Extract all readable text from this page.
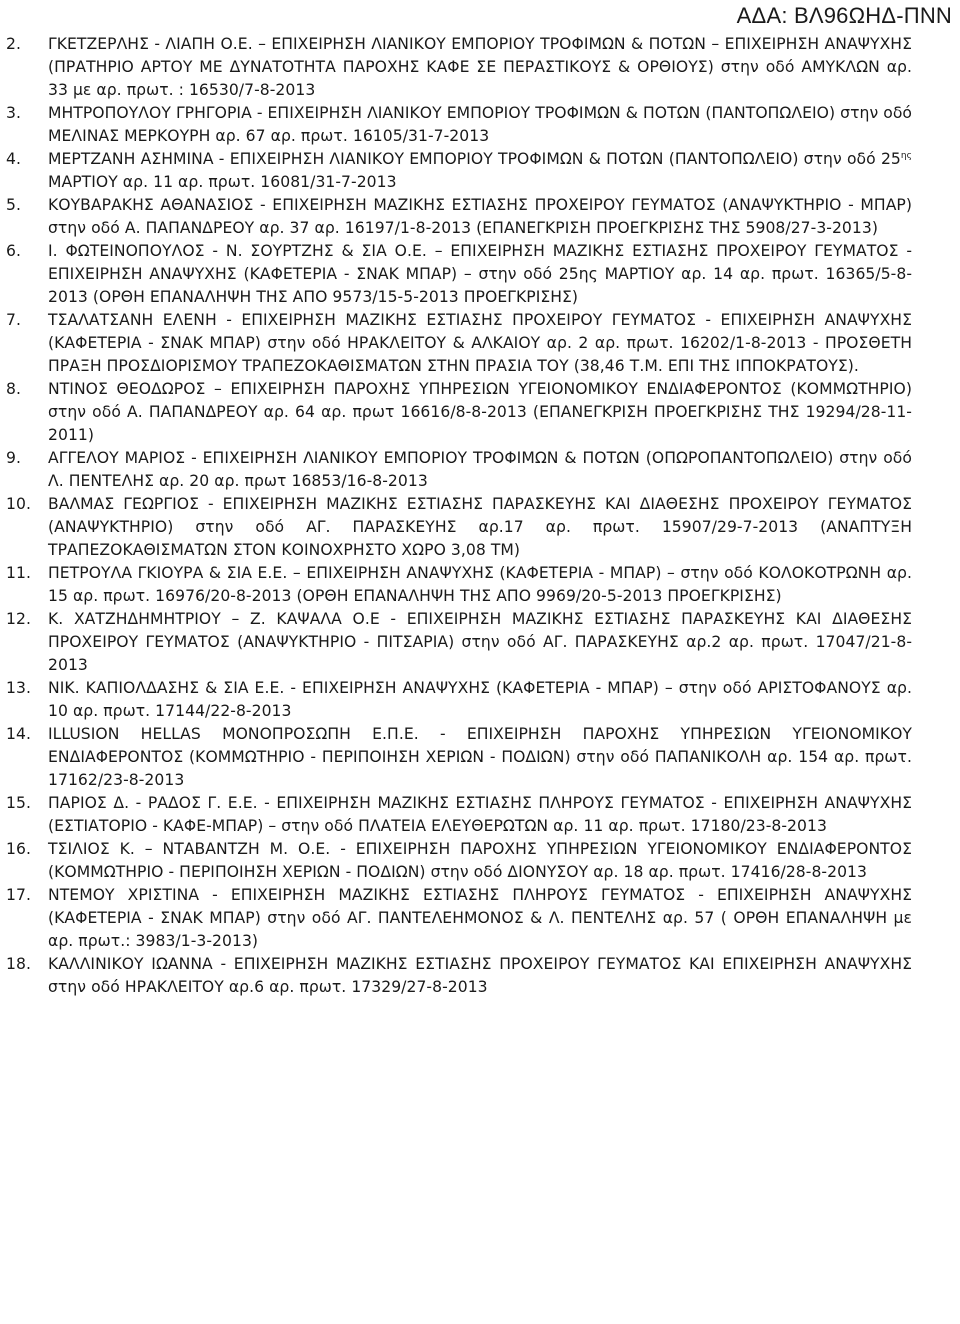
ΑΔΑ: ΒΛ96ΩΗΔ-ΠΝΝ
2.	ΓΚΕΤΖΕΡΛΗΣ - ΛΙΑΠΗ Ο.Ε. – ΕΠΙΧΕΙΡΗΣΗ ΛΙΑΝΙΚΟΥ ΕΜΠΟΡΙΟΥ ΤΡΟΦΙΜΩΝ & ΠΟΤΩΝ – ΕΠΙΧΕΙΡΗΣΗ ΑΝΑΨΥΧΗΣ (ΠΡΑΤΗΡΙΟ ΑΡΤΟΥ ΜΕ ΔΥΝΑΤΟΤΗΤΑ ΠΑΡΟΧΗΣ ΚΑΦΕ ΣΕ ΠΕΡΑΣΤΙΚΟΥΣ & ΟΡΘΙΟΥΣ) στην οδό ΑΜΥΚΛΩΝ αρ. 33 με αρ. πρωτ. : 16530/7-8-2013
3.	ΜΗΤΡΟΠΟΥΛΟΥ ΓΡΗΓΟΡΙΑ - ΕΠΙΧΕΙΡΗΣΗ ΛΙΑΝΙΚΟΥ ΕΜΠΟΡΙΟΥ ΤΡΟΦΙΜΩΝ & ΠΟΤΩΝ (ΠΑΝΤΟΠΩΛΕΙΟ) στην οδό ΜΕΛΙΝΑΣ ΜΕΡΚΟΥΡΗ αρ. 67 αρ. πρωτ. 16105/31-7-2013
4.	ΜΕΡΤΖΑΝΗ ΑΣΗΜΙΝΑ - ΕΠΙΧΕΙΡΗΣΗ ΛΙΑΝΙΚΟΥ ΕΜΠΟΡΙΟΥ ΤΡΟΦΙΜΩΝ & ΠΟΤΩΝ (ΠΑΝΤΟΠΩΛΕΙΟ) στην οδό $25^{\eta\varsigma}$ ΜΑΡΤΙΟΥ αρ. 11 αρ. πρωτ. 16081/31-7-2013
5.	ΚΟΥΒΑΡΑΚΗΣ ΑΘΑΝΑΣΙΟΣ - ΕΠΙΧΕΙΡΗΣΗ ΜΑΖΙΚΗΣ ΕΣΤΙΑΣΗΣ ΠΡΟΧΕΙΡΟΥ ΓΕΥΜΑΤΟΣ (ΑΝΑΨΥΚΤΗΡΙΟ - ΜΠΑΡ) στην οδό Α. ΠΑΠΑΝΔΡΕΟΥ αρ. 37 αρ. 16197/1-8-2013 (ΕΠΑΝΕΓΚΡΙΣΗ ΠΡΟΕΓΚΡΙΣΗΣ ΤΗΣ 5908/27-3-2013)
6.	Ι. ΦΩΤΕΙΝΟΠΟΥΛΟΣ - Ν. ΣΟΥΡΤΖΗΣ & ΣΙΑ Ο.Ε. – ΕΠΙΧΕΙΡΗΣΗ ΜΑΖΙΚΗΣ ΕΣΤΙΑΣΗΣ ΠΡΟΧΕΙΡΟΥ ΓΕΥΜΑΤΟΣ - ΕΠΙΧΕΙΡΗΣΗ ΑΝΑΨΥΧΗΣ (ΚΑΦΕΤΕΡΙΑ - ΣΝΑΚ ΜΠΑΡ) – στην οδό 25ης ΜΑΡΤΙΟΥ αρ. 14 αρ. πρωτ. 16365/5-8-2013 (ΟΡΘΗ ΕΠΑΝΑΛΗΨΗ ΤΗΣ ΑΠΟ 9573/15-5-2013 ΠΡΟΕΓΚΡΙΣΗΣ)
7.	ΤΣΑΛΑΤΣΑΝΗ ΕΛΕΝΗ - ΕΠΙΧΕΙΡΗΣΗ ΜΑΖΙΚΗΣ ΕΣΤΙΑΣΗΣ ΠΡΟΧΕΙΡΟΥ ΓΕΥΜΑΤΟΣ - ΕΠΙΧΕΙΡΗΣΗ ΑΝΑΨΥΧΗΣ (ΚΑΦΕΤΕΡΙΑ - ΣΝΑΚ ΜΠΑΡ) στην οδό ΗΡΑΚΛΕΙΤΟΥ & ΑΛΚΑΙΟΥ αρ. 2 αρ. πρωτ. 16202/1-8-2013 - ΠΡΟΣΘΕΤΗ ΠΡΑΞΗ ΠΡΟΣΔΙΟΡΙΣΜΟΥ ΤΡΑΠΕΖΟΚΑΘΙΣΜΑΤΩΝ ΣΤΗΝ ΠΡΑΣΙΑ ΤΟΥ (38,46 Τ.Μ. ΕΠΙ ΤΗΣ ΙΠΠΟΚΡΑΤΟΥΣ).
8.	ΝΤΙΝΟΣ ΘΕΟΔΩΡΟΣ – ΕΠΙΧΕΙΡΗΣΗ ΠΑΡΟΧΗΣ ΥΠΗΡΕΣΙΩΝ ΥΓΕΙΟΝΟΜΙΚΟΥ ΕΝΔΙΑΦΕΡΟΝΤΟΣ (ΚΟΜΜΩΤΗΡΙΟ) στην οδό Α. ΠΑΠΑΝΔΡΕΟΥ αρ. 64 αρ. πρωτ 16616/8-8-2013 (ΕΠΑΝΕΓΚΡΙΣΗ ΠΡΟΕΓΚΡΙΣΗΣ ΤΗΣ 19294/28-11-2011)
9.	ΑΓΓΕΛΟΥ ΜΑΡΙΟΣ - ΕΠΙΧΕΙΡΗΣΗ ΛΙΑΝΙΚΟΥ ΕΜΠΟΡΙΟΥ ΤΡΟΦΙΜΩΝ & ΠΟΤΩΝ (ΟΠΩΡΟΠΑΝΤΟΠΩΛΕΙΟ) στην οδό Λ. ΠΕΝΤΕΛΗΣ αρ. 20 αρ. πρωτ 16853/16-8-2013
10.	ΒΑΛΜΑΣ ΓΕΩΡΓΙΟΣ - ΕΠΙΧΕΙΡΗΣΗ ΜΑΖΙΚΗΣ ΕΣΤΙΑΣΗΣ ΠΑΡΑΣΚΕΥΗΣ ΚΑΙ ΔΙΑΘΕΣΗΣ ΠΡΟΧΕΙΡΟΥ ΓΕΥΜΑΤΟΣ (ΑΝΑΨΥΚΤΗΡΙΟ) στην οδό ΑΓ. ΠΑΡΑΣΚΕΥΗΣ αρ.17 αρ. πρωτ. 15907/29-7-2013 (ΑΝΑΠΤΥΞΗ ΤΡΑΠΕΖΟΚΑΘΙΣΜΑΤΩΝ ΣΤΟΝ ΚΟΙΝΟΧΡΗΣΤΟ ΧΩΡΟ 3,08 ΤΜ)
11.	ΠΕΤΡΟΥΛΑ ΓΚΙΟΥΡΑ & ΣΙΑ Ε.Ε. – ΕΠΙΧΕΙΡΗΣΗ ΑΝΑΨΥΧΗΣ (ΚΑΦΕΤΕΡΙΑ - ΜΠΑΡ) – στην οδό ΚΟΛΟΚΟΤΡΩΝΗ αρ. 15 αρ. πρωτ. 16976/20-8-2013 (ΟΡΘΗ ΕΠΑΝΑΛΗΨΗ ΤΗΣ ΑΠΟ 9969/20-5-2013 ΠΡΟΕΓΚΡΙΣΗΣ)
12.	Κ. ΧΑΤΖΗΔΗΜΗΤΡΙΟΥ – Ζ. ΚΑΨΑΛΑ Ο.Ε - ΕΠΙΧΕΙΡΗΣΗ ΜΑΖΙΚΗΣ ΕΣΤΙΑΣΗΣ ΠΑΡΑΣΚΕΥΗΣ ΚΑΙ ΔΙΑΘΕΣΗΣ ΠΡΟΧΕΙΡΟΥ ΓΕΥΜΑΤΟΣ (ΑΝΑΨΥΚΤΗΡΙΟ - ΠΙΤΣΑΡΙΑ) στην οδό ΑΓ. ΠΑΡΑΣΚΕΥΗΣ αρ.2 αρ. πρωτ. 17047/21-8-2013
13.	ΝΙΚ. ΚΑΠΙΟΛΔΑΣΗΣ & ΣΙΑ Ε.Ε. - ΕΠΙΧΕΙΡΗΣΗ ΑΝΑΨΥΧΗΣ (ΚΑΦΕΤΕΡΙΑ - ΜΠΑΡ) – στην οδό ΑΡΙΣΤΟΦΑΝΟΥΣ αρ. 10 αρ. πρωτ. 17144/22-8-2013
14.	ILLUSION HELLAS ΜΟΝΟΠΡΟΣΩΠΗ Ε.Π.Ε. - ΕΠΙΧΕΙΡΗΣΗ ΠΑΡΟΧΗΣ ΥΠΗΡΕΣΙΩΝ ΥΓΕΙΟΝΟΜΙΚΟΥ ΕΝΔΙΑΦΕΡΟΝΤΟΣ (ΚΟΜΜΩΤΗΡΙΟ - ΠΕΡΙΠΟΙΗΣΗ ΧΕΡΙΩΝ - ΠΟΔΙΩΝ) στην οδό ΠΑΠΑΝΙΚΟΛΗ αρ. 154 αρ. πρωτ. 17162/23-8-2013
15.	ΠΑΡΙΟΣ Δ. - ΡΑΔΟΣ Γ. Ε.Ε. - ΕΠΙΧΕΙΡΗΣΗ ΜΑΖΙΚΗΣ ΕΣΤΙΑΣΗΣ ΠΛΗΡΟΥΣ ΓΕΥΜΑΤΟΣ - ΕΠΙΧΕΙΡΗΣΗ ΑΝΑΨΥΧΗΣ (ΕΣΤΙΑΤΟΡΙΟ - ΚΑΦΕ-ΜΠΑΡ) – στην οδό ΠΛΑΤΕΙΑ ΕΛΕΥΘΕΡΩΤΩΝ αρ. 11 αρ. πρωτ. 17180/23-8-2013
16.	ΤΣΙΛΙΟΣ Κ. – ΝΤΑΒΑΝΤΖΗ Μ. Ο.Ε. - ΕΠΙΧΕΙΡΗΣΗ ΠΑΡΟΧΗΣ ΥΠΗΡΕΣΙΩΝ ΥΓΕΙΟΝΟΜΙΚΟΥ ΕΝΔΙΑΦΕΡΟΝΤΟΣ (ΚΟΜΜΩΤΗΡΙΟ - ΠΕΡΙΠΟΙΗΣΗ ΧΕΡΙΩΝ - ΠΟΔΙΩΝ) στην οδό ΔΙΟΝΥΣΟΥ αρ. 18 αρ. πρωτ. 17416/28-8-2013
17.	ΝΤΕΜΟΥ ΧΡΙΣΤΙΝΑ - ΕΠΙΧΕΙΡΗΣΗ ΜΑΖΙΚΗΣ ΕΣΤΙΑΣΗΣ ΠΛΗΡΟΥΣ ΓΕΥΜΑΤΟΣ - ΕΠΙΧΕΙΡΗΣΗ ΑΝΑΨΥΧΗΣ (ΚΑΦΕΤΕΡΙΑ - ΣΝΑΚ ΜΠΑΡ) στην οδό ΑΓ. ΠΑΝΤΕΛΕΗΜΟΝΟΣ & Λ. ΠΕΝΤΕΛΗΣ αρ. 57 ( ΟΡΘΗ ΕΠΑΝΑΛΗΨΗ με αρ. πρωτ.: 3983/1-3-2013)
18.	ΚΑΛΛΙΝΙΚΟΥ ΙΩΑΝΝΑ - ΕΠΙΧΕΙΡΗΣΗ ΜΑΖΙΚΗΣ ΕΣΤΙΑΣΗΣ ΠΡΟΧΕΙΡΟΥ ΓΕΥΜΑΤΟΣ ΚΑΙ ΕΠΙΧΕΙΡΗΣΗ ΑΝΑΨΥΧΗΣ στην οδό ΗΡΑΚΛΕΙΤΟΥ αρ.6 αρ. πρωτ. 17329/27-8-2013
